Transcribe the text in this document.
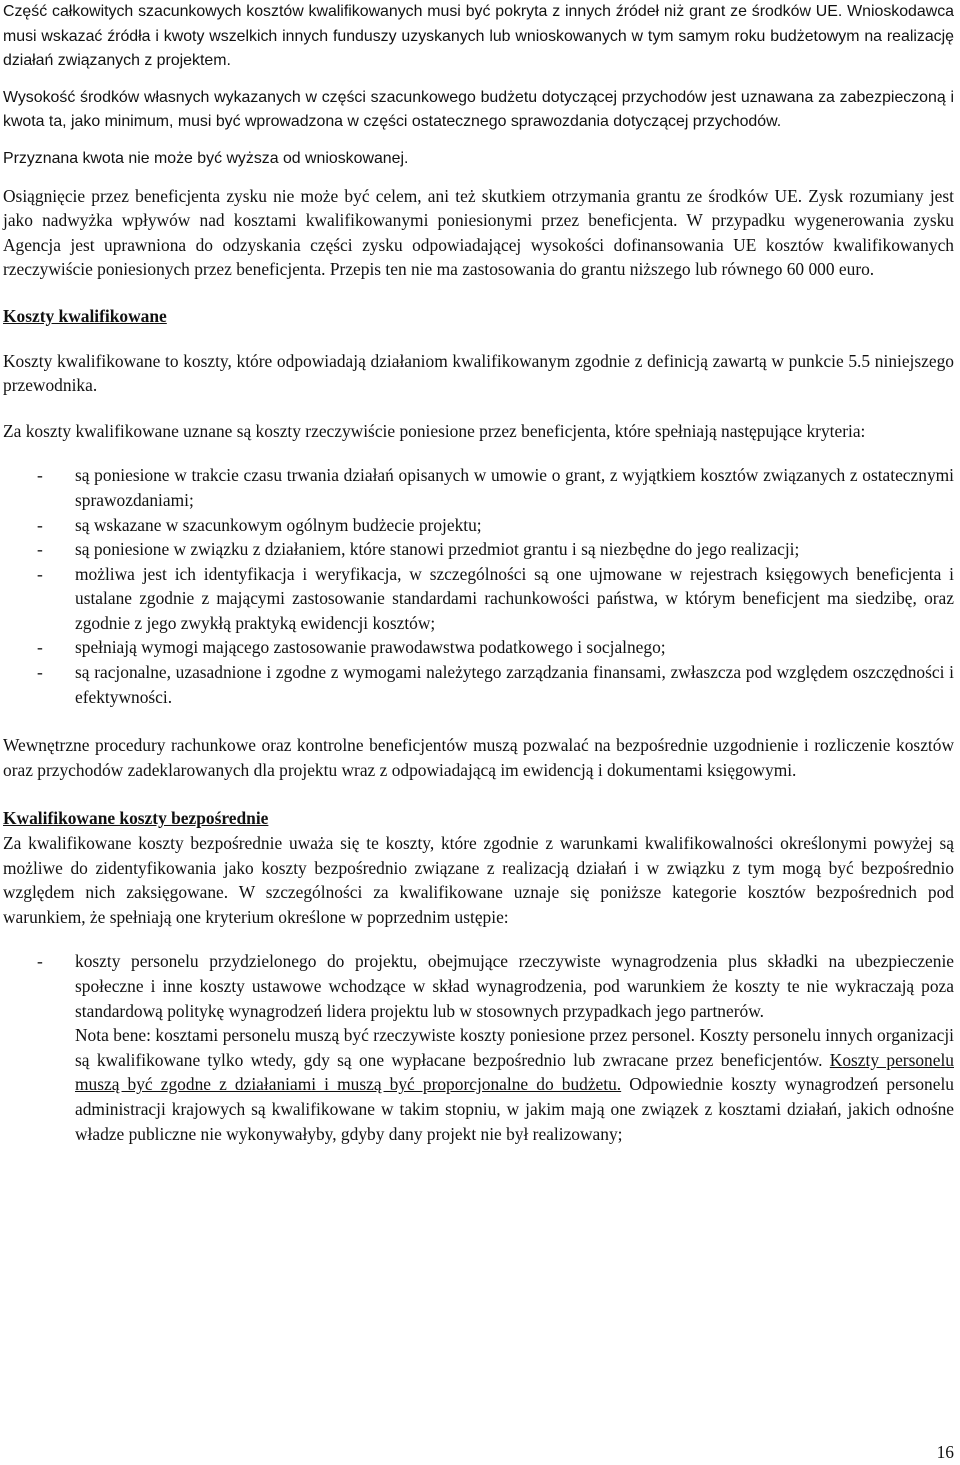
Część całkowitych szacunkowych kosztów kwalifikowanych musi być pokryta z innych źródeł niż grant ze środków UE. Wnioskodawca musi wskazać źródła i kwoty wszelkich innych funduszy uzyskanych lub wnioskowanych w tym samym roku budżetowym na realizację działań związanych z projektem.

Wysokość środków własnych wykazanych w części szacunkowego budżetu dotyczącej przychodów jest uznawana za zabezpieczoną i kwota ta, jako minimum, musi być wprowadzona w części ostatecznego sprawozdania dotyczącej przychodów.

Przyznana kwota nie może być wyższa od wnioskowanej.

Osiągnięcie przez beneficjenta zysku nie może być celem, ani też skutkiem otrzymania grantu ze środków UE. Zysk rozumiany jest jako nadwyżka wpływów nad kosztami kwalifikowanymi poniesionymi przez beneficjenta. W przypadku wygenerowania zysku Agencja jest uprawniona do odzyskania części zysku odpowiadającej wysokości dofinansowania UE kosztów kwalifikowanych rzeczywiście poniesionych przez beneficjenta. Przepis ten nie ma zastosowania do grantu niższego lub równego 60 000 euro.

Koszty kwalifikowane

Koszty kwalifikowane to koszty, które odpowiadają działaniom kwalifikowanym zgodnie z definicją zawartą w punkcie 5.5 niniejszego przewodnika.

Za koszty kwalifikowane uznane są koszty rzeczywiście poniesione przez beneficjenta, które spełniają następujące kryteria:

- są poniesione w trakcie czasu trwania działań opisanych w umowie o grant, z wyjątkiem kosztów związanych z ostatecznymi sprawozdaniami;
- są wskazane w szacunkowym ogólnym budżecie projektu;
- są poniesione w związku z działaniem, które stanowi przedmiot grantu i są niezbędne do jego realizacji;
- możliwa jest ich identyfikacja i weryfikacja, w szczególności są one ujmowane w rejestrach księgowych beneficjenta i ustalane zgodnie z mającymi zastosowanie standardami rachunkowości państwa, w którym beneficjent ma siedzibę, oraz zgodnie z jego zwykłą praktyką ewidencji kosztów;
- spełniają wymogi mającego zastosowanie prawodawstwa podatkowego i socjalnego;
- są racjonalne, uzasadnione i zgodne z wymogami należytego zarządzania finansami, zwłaszcza pod względem oszczędności i efektywności.

Wewnętrzne procedury rachunkowe oraz kontrolne beneficjentów muszą pozwalać na bezpośrednie uzgodnienie i rozliczenie kosztów oraz przychodów zadeklarowanych dla projektu wraz z odpowiadającą im ewidencją i dokumentami księgowymi.

Kwalifikowane koszty bezpośrednie

Za kwalifikowane koszty bezpośrednie uważa się te koszty, które zgodnie z warunkami kwalifikowalności określonymi powyżej są możliwe do zidentyfikowania jako koszty bezpośrednio związane z realizacją działań i w związku z tym mogą być bezpośrednio względem nich zaksięgowane. W szczególności za kwalifikowane uznaje się poniższe kategorie kosztów bezpośrednich pod warunkiem, że spełniają one kryterium określone w poprzednim ustępie:

- koszty personelu przydzielonego do projektu, obejmujące rzeczywiste wynagrodzenia plus składki na ubezpieczenie społeczne i inne koszty ustawowe wchodzące w skład wynagrodzenia, pod warunkiem że koszty te nie wykraczają poza standardową politykę wynagrodzeń lidera projektu lub w stosownych przypadkach jego partnerów.

Nota bene: kosztami personelu muszą być rzeczywiste koszty poniesione przez personel. Koszty personelu innych organizacji są kwalifikowane tylko wtedy, gdy są one wypłacane bezpośrednio lub zwracane przez beneficjentów. Koszty personelu muszą być zgodne z działaniami i muszą być proporcjonalne do budżetu. Odpowiednie koszty wynagrodzeń personelu administracji krajowych są kwalifikowane w takim stopniu, w jakim mają one związek z kosztami działań, jakich odnośne władze publiczne nie wykonywałyby, gdyby dany projekt nie był realizowany;

16
